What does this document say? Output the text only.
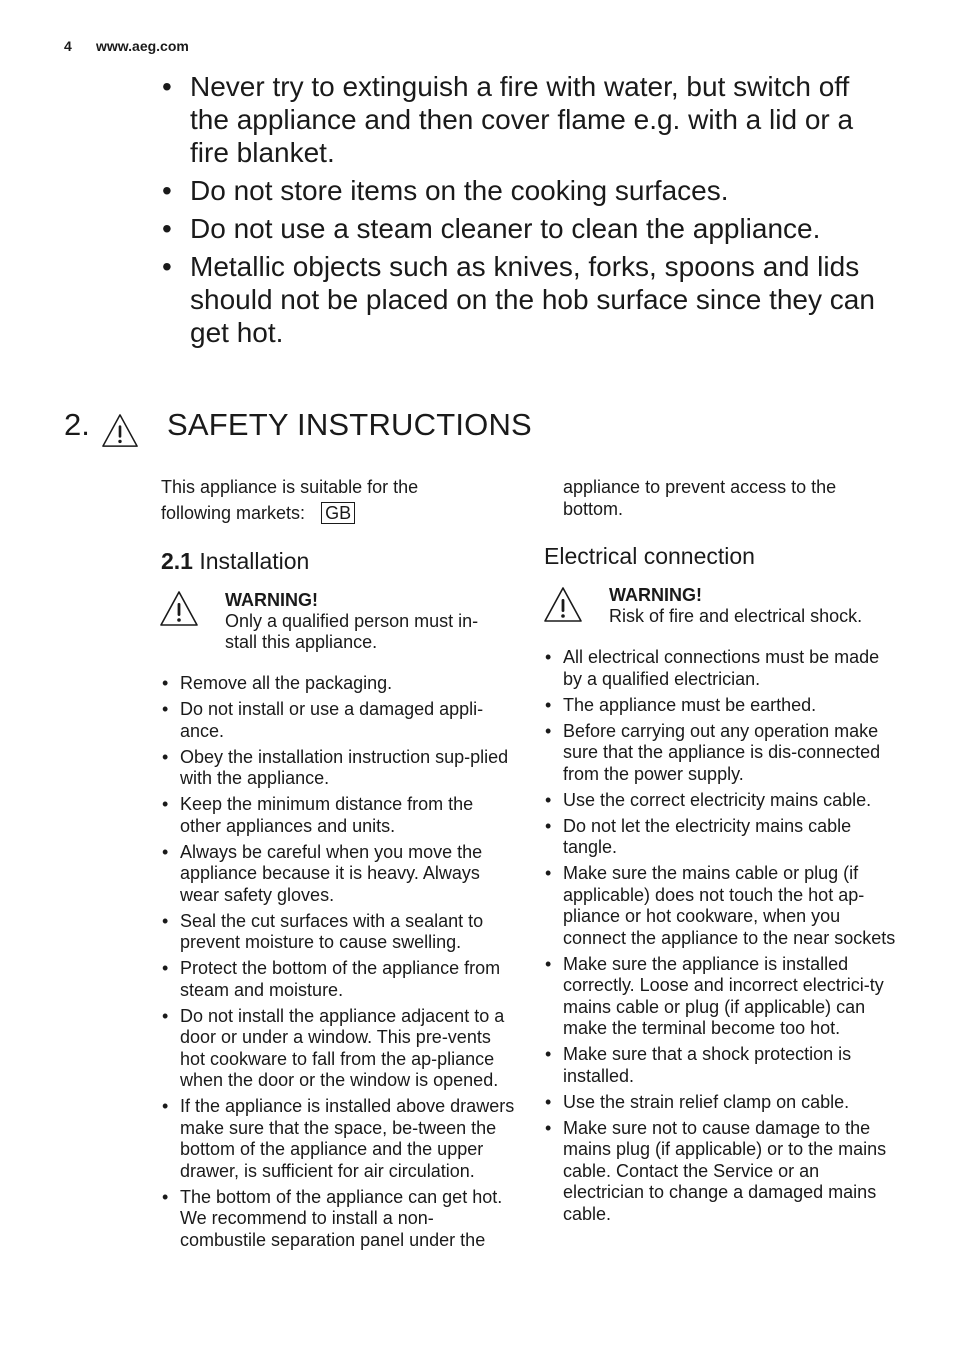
4 www.aeg.com
• Never try to extinguish a fire with water, but switch off the appliance and then cover flame e.g. with a lid or a fire blanket.
• Do not store items on the cooking surfaces.
• Do not use a steam cleaner to clean the appliance.
• Metallic objects such as knives, forks, spoons and lids should not be placed on the hob surface since they can get hot.
2. SAFETY INSTRUCTIONS
This appliance is suitable for the
following markets: GB
2.1 Installation
WARNING!
Only a qualified person must in-
stall this appliance.
• Remove all the packaging.
• Do not install or use a damaged appli-ance.
• Obey the installation instruction sup-plied with the appliance.
• Keep the minimum distance from the other appliances and units.
• Always be careful when you move the appliance because it is heavy. Always wear safety gloves.
• Seal the cut surfaces with a sealant to prevent moisture to cause swelling.
• Protect the bottom of the appliance from steam and moisture.
• Do not install the appliance adjacent to a door or under a window. This pre-vents hot cookware to fall from the ap-pliance when the door or the window is opened.
• If the appliance is installed above drawers make sure that the space, be-tween the bottom of the appliance and the upper drawer, is sufficient for air circulation.
• The bottom of the appliance can get hot. We recommend to install a non-combustile separation panel under the
appliance to prevent access to the
bottom.
Electrical connection
WARNING!
Risk of fire and electrical shock.
• All electrical connections must be made by a qualified electrician.
• The appliance must be earthed.
• Before carrying out any operation make sure that the appliance is dis-connected from the power supply.
• Use the correct electricity mains cable.
• Do not let the electricity mains cable tangle.
• Make sure the mains cable or plug (if applicable) does not touch the hot ap-pliance or hot cookware, when you connect the appliance to the near sockets
• Make sure the appliance is installed correctly. Loose and incorrect electrici-ty mains cable or plug (if applicable) can make the terminal become too hot.
• Make sure that a shock protection is installed.
• Use the strain relief clamp on cable.
• Make sure not to cause damage to the mains plug (if applicable) or to the mains cable. Contact the Service or an electrician to change a damaged mains cable.
